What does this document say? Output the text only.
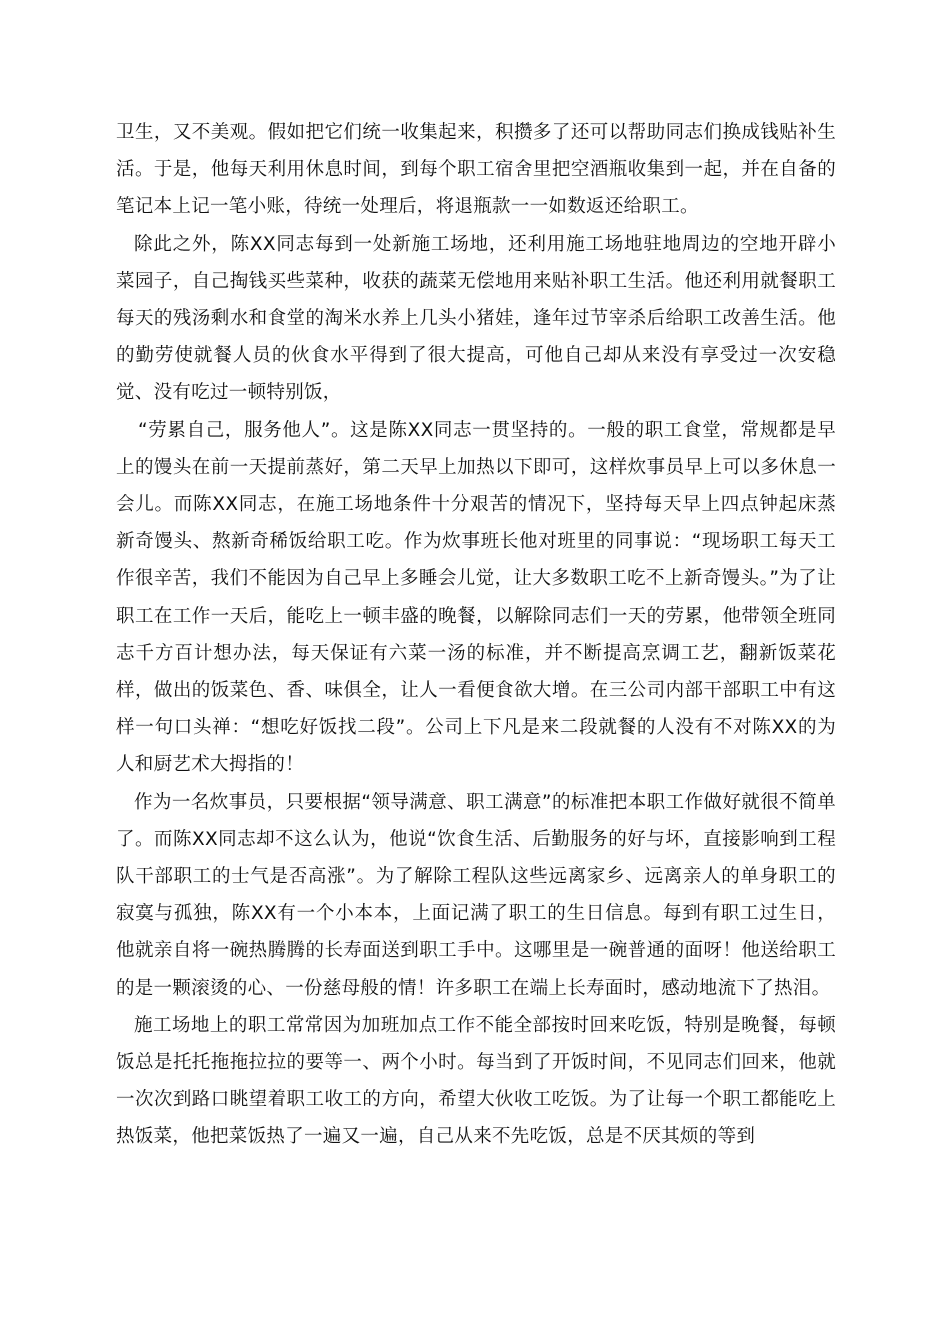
卫生，又不美观。假如把它们统一收集起来，积攒多了还可以帮助同志们换成钱贴补生活。于是，他每天利用休息时间，到每个职工宿舍里把空酒瓶收集到一起，并在自备的笔记本上记一笔小账，待统一处理后，将退瓶款一一如数返还给职工。

除此之外，陈XX同志每到一处新施工场地，还利用施工场地驻地周边的空地开辟小菜园子，自己掏钱买些菜种，收获的蔬菜无偿地用来贴补职工生活。他还利用就餐职工每天的残汤剩水和食堂的淘米水养上几头小猪娃，逢年过节宰杀后给职工改善生活。他的勤劳使就餐人员的伙食水平得到了很大提高，可他自己却从来没有享受过一次安稳觉、没有吃过一顿特别饭，

“劳累自己，服务他人”。这是陈XX同志一贯坚持的。一般的职工食堂，常规都是早上的馒头在前一天提前蒸好，第二天早上加热以下即可，这样炊事员早上可以多休息一会儿。而陈XX同志，在施工场地条件十分艰苦的情况下，坚持每天早上四点钟起床蒸新奇馒头、熬新奇稀饭给职工吃。作为炊事班长他对班里的同事说：“现场职工每天工作很辛苦，我们不能因为自己早上多睡会儿觉，让大多数职工吃不上新奇馒头。”为了让职工在工作一天后，能吃上一顿丰盛的晚餐，以解除同志们一天的劳累，他带领全班同志千方百计想办法，每天保证有六菜一汤的标准，并不断提高烹调工艺，翻新饭菜花样，做出的饭菜色、香、味俱全，让人一看便食欲大增。在三公司内部干部职工中有这样一句口头禅：“想吃好饭找二段”。公司上下凡是来二段就餐的人没有不对陈XX的为人和厨艺术大拇指的！

作为一名炊事员，只要根据“领导满意、职工满意”的标准把本职工作做好就很不简单了。而陈XX同志却不这么认为，他说“饮食生活、后勤服务的好与坏，直接影响到工程队干部职工的士气是否高涨”。为了解除工程队这些远离家乡、远离亲人的单身职工的寂寞与孤独，陈XX有一个小本本，上面记满了职工的生日信息。每到有职工过生日，他就亲自将一碗热腾腾的长寿面送到职工手中。这哪里是一碗普通的面呀！他送给职工的是一颗滚烫的心、一份慈母般的情！许多职工在端上长寿面时，感动地流下了热泪。

施工场地上的职工常常因为加班加点工作不能全部按时回来吃饭，特别是晚餐，每顿饭总是托托拖拖拉拉的要等一、两个小时。每当到了开饭时间，不见同志们回来，他就一次次到路口眺望着职工收工的方向，希望大伙收工吃饭。为了让每一个职工都能吃上热饭菜，他把菜饭热了一遍又一遍，自己从来不先吃饭，总是不厌其烦的等到
